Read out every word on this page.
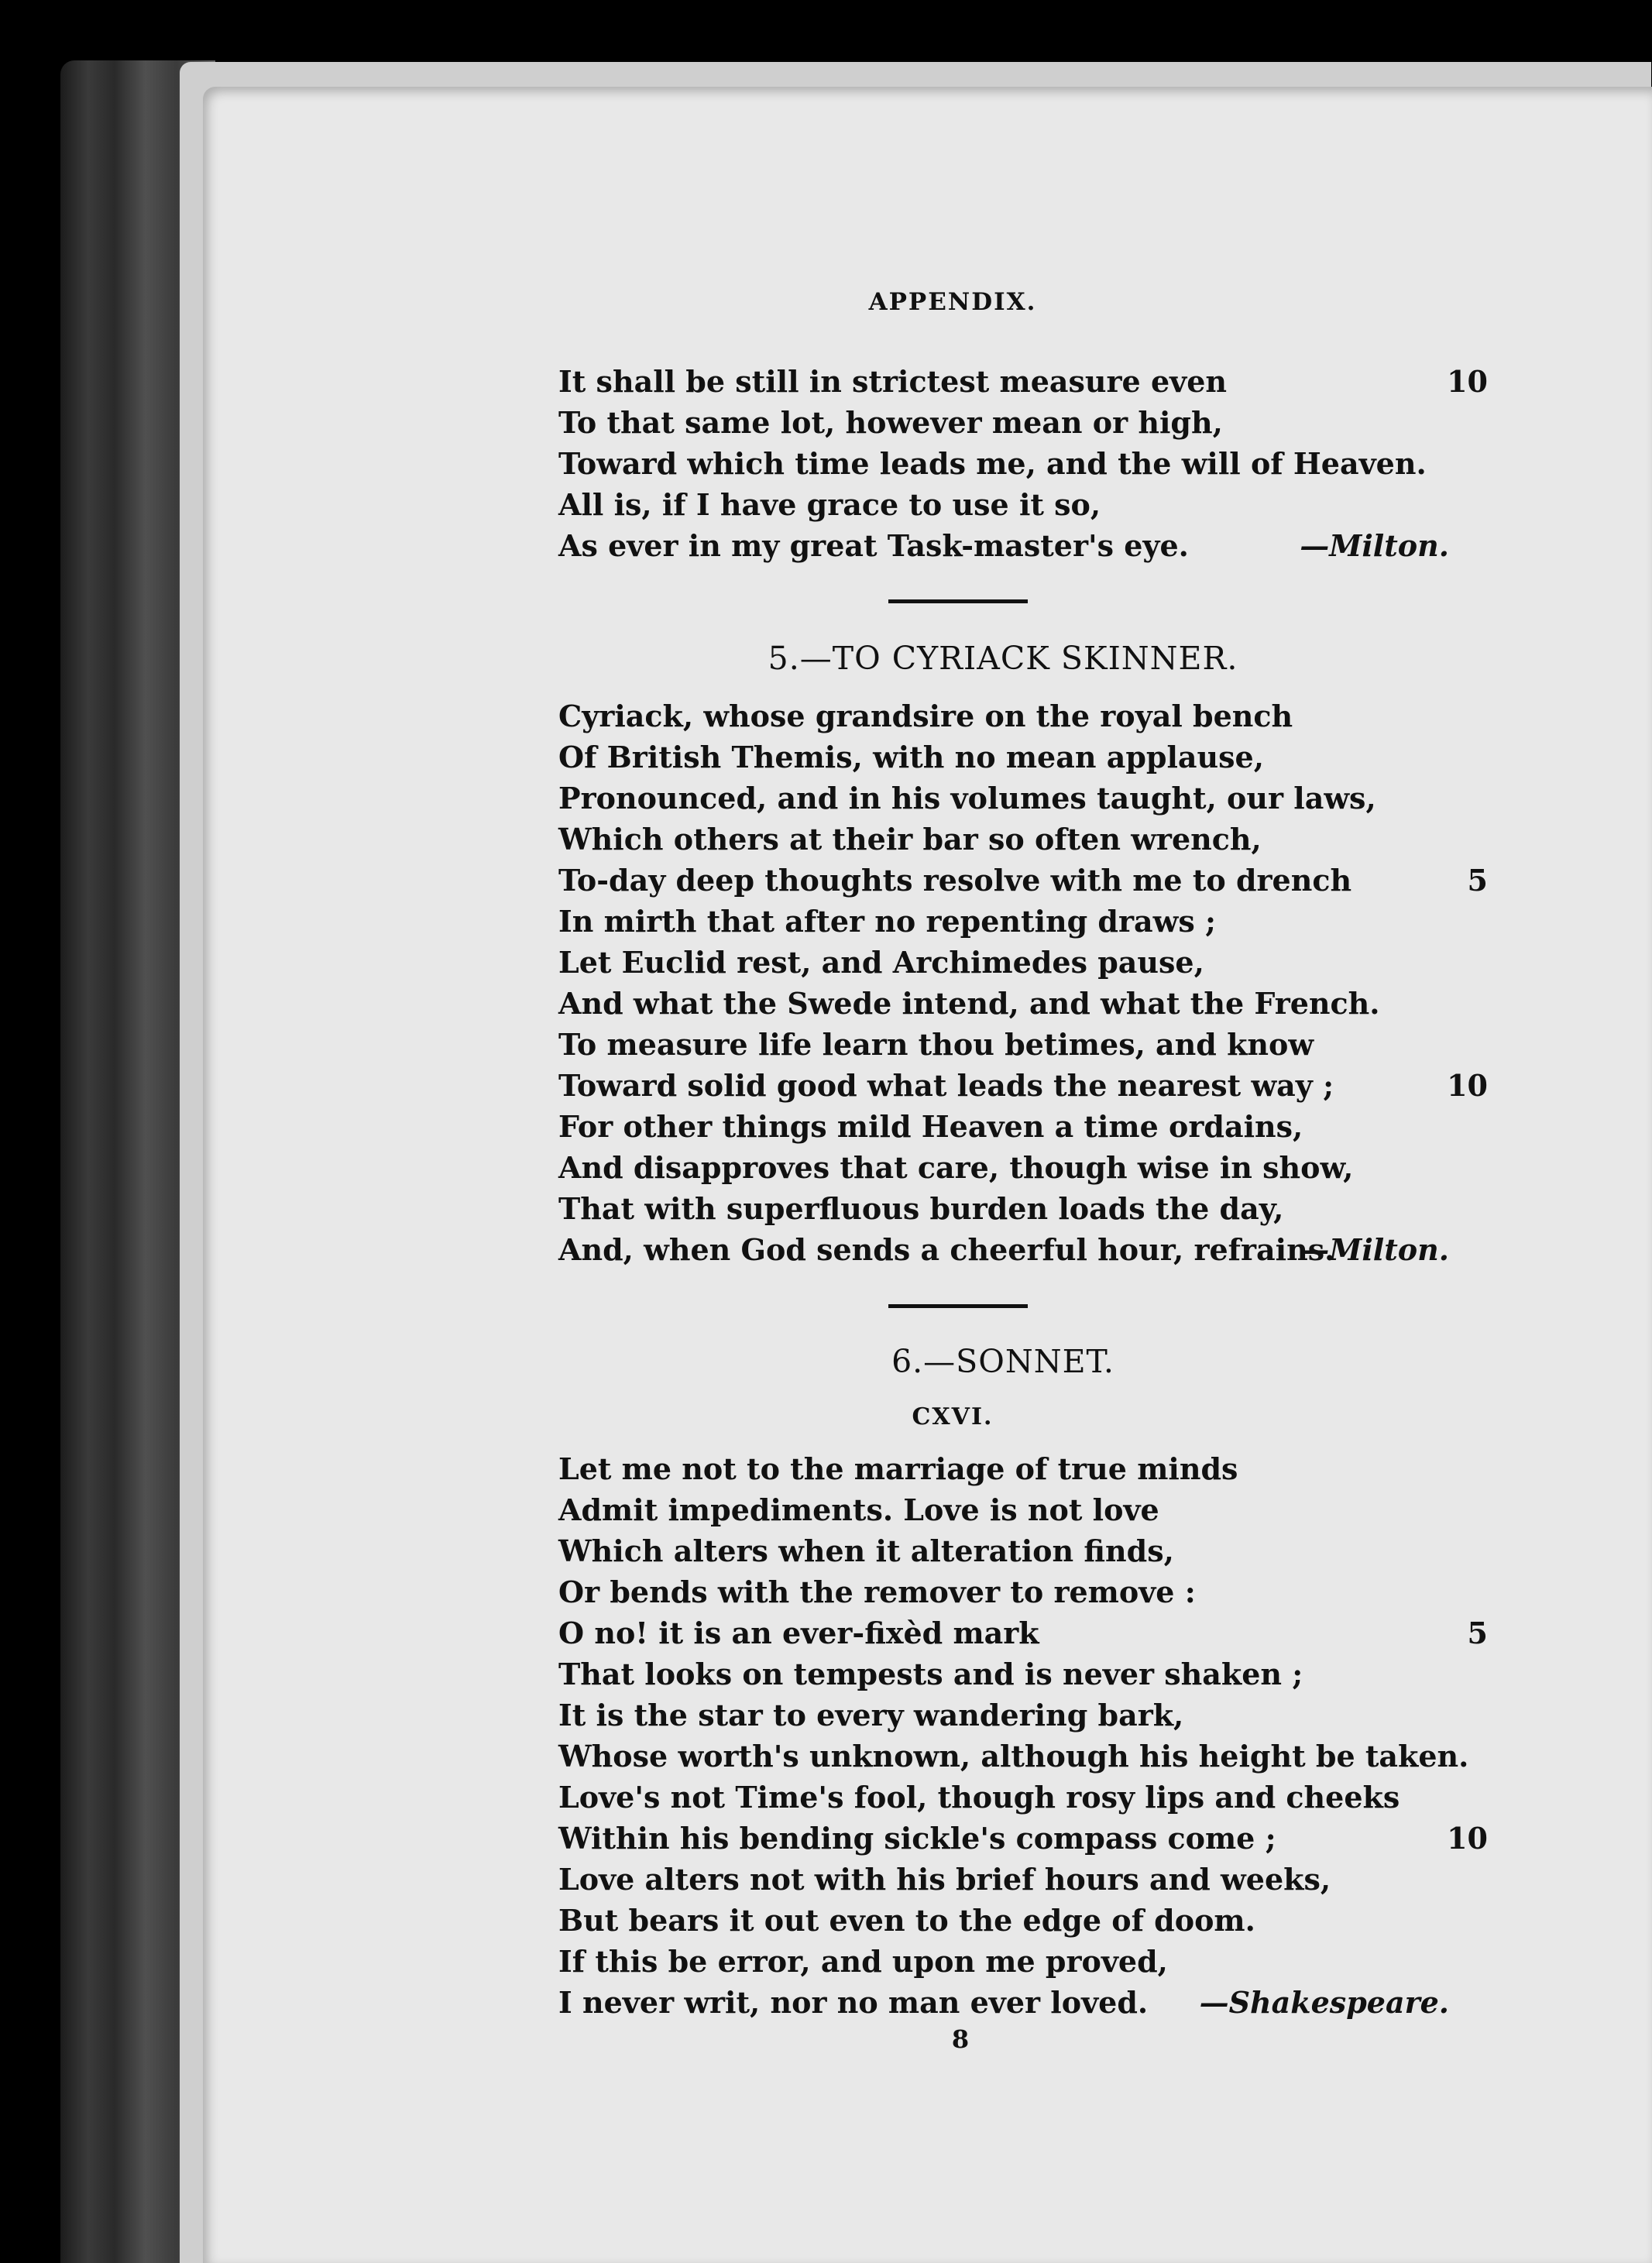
APPENDIX.
It shall be still in strictest measure even	10
To that same lot, however mean or high,
Toward which time leads me, and the will of Heaven.
All is, if I have grace to use it so,
As ever in my great Task-master's eye.	—Milton.
5.—TO CYRIACK SKINNER.
Cyriack, whose grandsire on the royal bench
Of British Themis, with no mean applause,
Pronounced, and in his volumes taught, our laws,
Which others at their bar so often wrench,
To-day deep thoughts resolve with me to drench	5
In mirth that after no repenting draws ;
Let Euclid rest, and Archimedes pause,
And what the Swede intend, and what the French.
To measure life learn thou betimes, and know
Toward solid good what leads the nearest way ;	10
For other things mild Heaven a time ordains,
And disapproves that care, though wise in show,
That with superfluous burden loads the day,
And, when God sends a cheerful hour, refrains.
—Milton.
6.—SONNET.
CXVI.
Let me not to the marriage of true minds
Admit impediments. Love is not love
Which alters when it alteration finds,
Or bends with the remover to remove :
O no! it is an ever-fixèd mark	5
That looks on tempests and is never shaken ;
It is the star to every wandering bark,
Whose worth's unknown, although his height be taken.
Love's not Time's fool, though rosy lips and cheeks
Within his bending sickle's compass come ;	10
Love alters not with his brief hours and weeks,
But bears it out even to the edge of doom.
If this be error, and upon me proved,
I never writ, nor no man ever loved. —Shakespeare.
8
